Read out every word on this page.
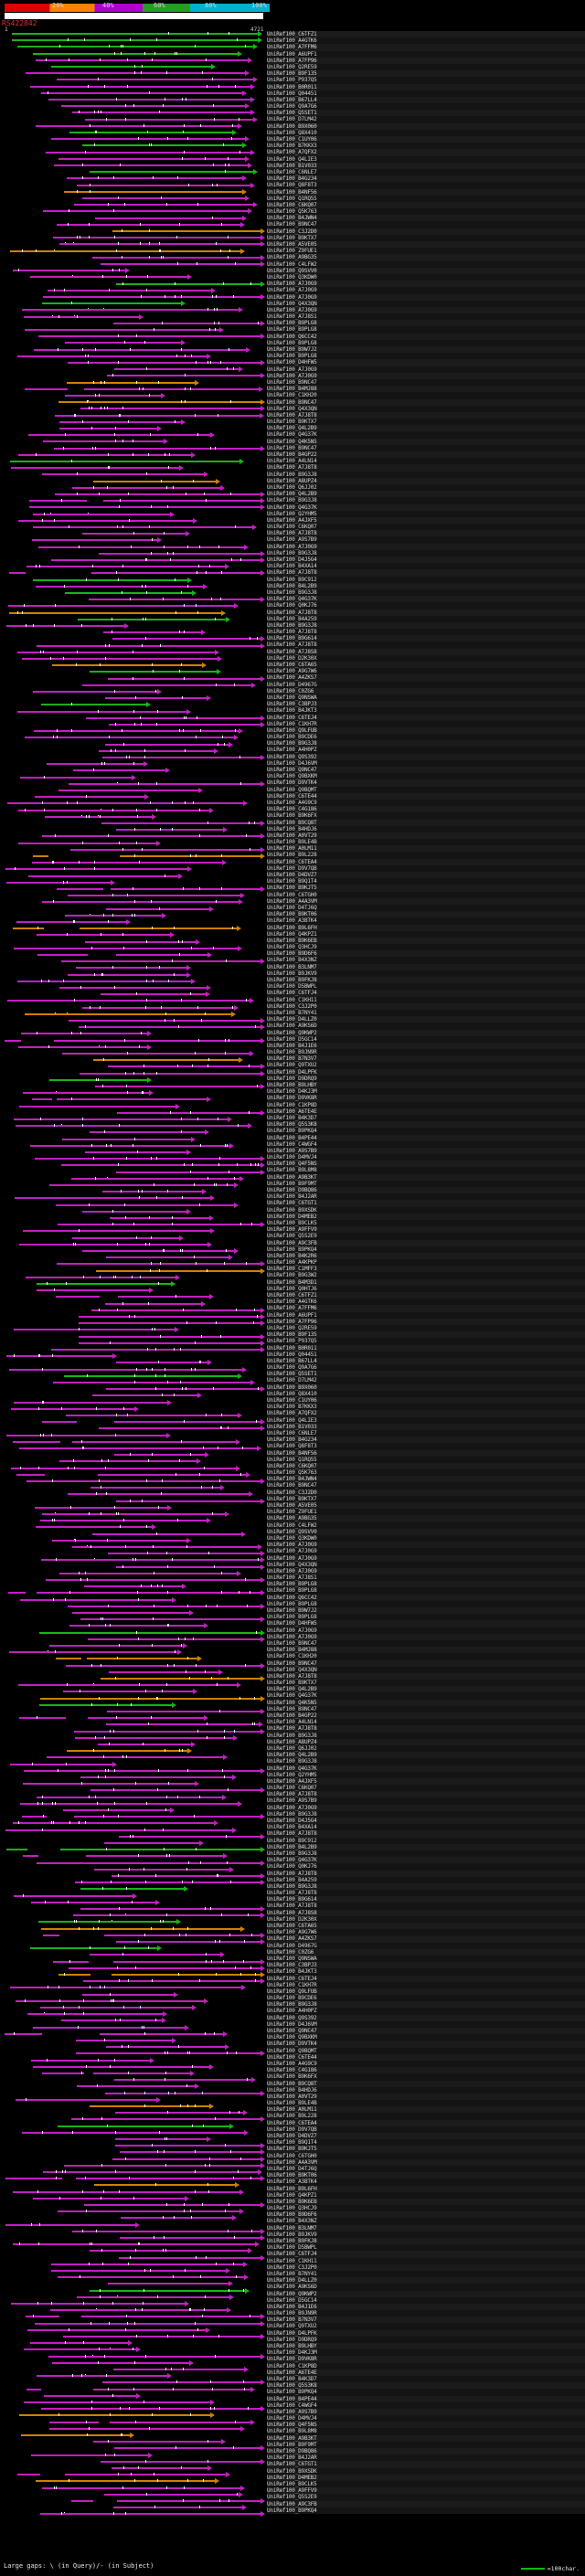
20%	40%	60%	80%	100%
RS422842
1	4721
UniRef100_C6TFZ1
UniRef100_A4GTK6
UniRef100_A7FFM6
UniRef100_A6UPF1
UniRef100_A7FP96
UniRef100_Q2RE59
UniRef100_B9F135
UniRef100_P937Q5
UniRef100_B0R011
UniRef100_Q04451
UniRef100_B67LL4
UniRef100_Q9A7G6
UniRef100_Q5SET1
UniRef100_D7LM42
UniRef100_B9X060
UniRef100_Q8X410
UniRef100_C1UY06
UniRef100_B7KKX3
UniRef100_A7QFX2
UniRef100_Q4LIE3
UniRef100_B1V033
UniRef100_C6NLE7
UniRef100_B4G234
UniRef100_Q8F8T3
UniRef100_B4NF56
UniRef100_Q1RQ55
UniRef100_C6KQ07
UniRef100_Q5K763
UniRef100_B4JWN4
UniRef100_B9NC47
UniRef100_C3J2D0
UniRef100_B9KTX7
UniRef100_A5VE05
UniRef100_Z9FUE1
UniRef100_A9BG35
UniRef100_C4LFW2
UniRef100_Q9SVV0
UniRef100_Q3KDW0
UniRef100_A7J0G9
UniRef100_A7J0G9
UniRef100_A7J0G9
UniRef100_Q4X3QN
UniRef100_A7J0G9
UniRef100_A7J8S1
UniRef100_B9PLG8
UniRef100_B9PLG8
UniRef100_Q6CC42
UniRef100_B9PLG8
UniRef100_B9W7J2
UniRef100_B9PLG8
UniRef100_D4HFW5
UniRef100_A7J0G9
UniRef100_A7J0G9
UniRef100_B9NC47
UniRef100_B4MJ88
UniRef100_C1KH20
UniRef100_B9NC47
UniRef100_Q4X3QN
UniRef100_A7J8T8
UniRef100_B9KTX7
UniRef100_Q4L2B9
UniRef100_Q4G37K
UniRef100_Q4K5N5
UniRef100_B9NC47
UniRef100_B4GP22
UniRef100_A4LN14
UniRef100_A7J8T8
UniRef100_B9G3J8
UniRef100_A8UPZ4
UniRef100_Q6JJ02
UniRef100_Q4L2B9
UniRef100_B9G3J8
UniRef100_Q4G37K
UniRef100_Q2YHM5
UniRef100_A4JXF5
UniRef100_C6KQ07
UniRef100_A7J8T8
UniRef100_A9S7B9
UniRef100_A7J0G9
UniRef100_B9G3J8
UniRef100_D4J5G4
UniRef100_B4XA14
UniRef100_A7J8T8
UniRef100_B9C912
UniRef100_B4L2B9
UniRef100_B9G3J8
UniRef100_Q4G37K
UniRef100_Q0KJ76
UniRef100_A7J8T8
UniRef100_B4A259
UniRef100_B9G3J8
UniRef100_A7J8T8
UniRef100_B9G614
UniRef100_A7J8T8
UniRef100_A7J8S8
UniRef100_D2K30X
UniRef100_C6TA65
UniRef100_A9G7W6
UniRef100_A4ZKS7
UniRef100_D4967G
UniRef100_C0ZG6
UniRef100_Q9NSWA
UniRef100_C3BPJ3
UniRef100_B4JKT3
UniRef100_C6TEJ4
UniRef100_C1KH7R
UniRef100_Q9LFUB
UniRef100_B9CDE6
UniRef100_B9G3J8
UniRef100_A4H0PZ
UniRef100_Q9S392
UniRef100_D4J6VM
UniRef100_Q9NC47
UniRef100_Q9BXKM
UniRef100_D9VTK4
UniRef100_Q9BQMT
UniRef100_C6TE44
UniRef100_A4G9C9
UniRef100_C4G186
UniRef100_B9K6FX
UniRef100_B9CQ8T
UniRef100_B4HDJ6
UniRef100_A0VT29
UniRef100_B9LE4B
UniRef100_A0LM11
UniRef100_B9L228
UniRef100_C6TEA4
UniRef100_D9V7QB
UniRef100_D4DVZ7
UniRef100_B9Q1T4
UniRef100_B9KJT5
UniRef100_C6TGH0
UniRef100_A4A3VM
UniRef100_D4TJ6Q
UniRef100_B9KT06
UniRef100_A3BTK4
UniRef100_B9L6FH
UniRef100_Q4KPZ1
UniRef100_B9K6EB
UniRef100_Q3HCJ9
UniRef100_B9D6F6
UniRef100_B4X3NZ
UniRef100_B3LNM7
UniRef100_B9JKV9
UniRef100_B9FKJ8
UniRef100_D5BWPL
UniRef100_C6TFJ4
UniRef100_C1KH11
UniRef100_C3J2P0
UniRef100_B7NY41
UniRef100_D4LLZ0
UniRef100_A9KS6D
UniRef100_Q9KWP2
UniRef100_D5GC14
UniRef100_B4J1E6
UniRef100_B9JN9R
UniRef100_B7N3V7
UniRef100_Q9TXU2
UniRef100_D4LPFK
UniRef100_D9DRQ9
UniRef100_B9LHBY
UniRef100_D4KJ3M
UniRef100_D9VK8R
UniRef100_C1KP8D
UniRef100_A6TE4E
UniRef100_B4K3D7
UniRef100_Q5S3K8
UniRef100_B9PKQ4
UniRef100_B4PE44
UniRef100_C4WGF4
UniRef100_A9S7B9
UniRef100_D4MVJ4
UniRef100_Q4F5NS
UniRef100_B9L8M8
UniRef100_A9B3KT
UniRef100_B9F9MT
UniRef100_D9BQ86
UniRef100_B4J2AR
UniRef100_C6TGT1
UniRef100_B9XSDK
UniRef100_D4MEB2
UniRef100_B9CLK5
UniRef100_A9FFV9
UniRef100_Q5S2E9
UniRef100_A9C3FB
UniRef100_B9PKQ4
UniRef100_B4K2R6
UniRef100_A4KPKP
UniRef100_C1MFF3
UniRef100_B9G3W2
UniRef100_B4M3D1
UniRef100_Q0HTJ6
UniRef100_C6TFZ1
UniRef100_A4GTK6
UniRef100_A7FFM6
UniRef100_A6UPF1
UniRef100_A7FP96
UniRef100_Q2RE59
UniRef100_B9F135
UniRef100_P937Q5
UniRef100_B0R011
UniRef100_Q04451
UniRef100_B67LL4
UniRef100_Q9A7G6
UniRef100_Q5SET1
UniRef100_D7LM42
UniRef100_B9X060
UniRef100_Q8X410
UniRef100_C1UY06
UniRef100_B7KKX3
UniRef100_A7QFX2
UniRef100_Q4LIE3
UniRef100_B1V033
UniRef100_C6NLE7
UniRef100_B4G234
UniRef100_Q8F8T3
UniRef100_B4NF56
UniRef100_Q1RQ55
UniRef100_C6KQ07
UniRef100_Q5K763
UniRef100_B4JWN4
UniRef100_B9NC47
UniRef100_C3J2D0
UniRef100_B9KTX7
UniRef100_A5VE05
UniRef100_Z9FUE1
UniRef100_A9BG35
UniRef100_C4LFW2
UniRef100_Q9SVV0
UniRef100_Q3KDW0
UniRef100_A7J0G9
UniRef100_A7J0G9
UniRef100_A7J0G9
UniRef100_Q4X3QN
UniRef100_A7J0G9
UniRef100_A7J8S1
UniRef100_B9PLG8
UniRef100_B9PLG8
UniRef100_Q6CC42
UniRef100_B9PLG8
UniRef100_B9W7J2
UniRef100_B9PLG8
UniRef100_D4HFW5
UniRef100_A7J0G9
UniRef100_A7J0G9
UniRef100_B9NC47
UniRef100_B4MJ88
UniRef100_C1KH20
UniRef100_B9NC47
UniRef100_Q4X3QN
UniRef100_A7J8T8
UniRef100_B9KTX7
UniRef100_Q4L2B9
UniRef100_Q4G37K
UniRef100_Q4K5N5
UniRef100_B9NC47
UniRef100_B4GP22
UniRef100_A4LN14
UniRef100_A7J8T8
UniRef100_B9G3J8
UniRef100_A8UPZ4
UniRef100_Q6JJ02
UniRef100_Q4L2B9
UniRef100_B9G3J8
UniRef100_Q4G37K
UniRef100_Q2YHM5
UniRef100_A4JXF5
UniRef100_C6KQ07
UniRef100_A7J8T8
UniRef100_A9S7B9
UniRef100_A7J0G9
UniRef100_B9G3J8
UniRef100_D4J5G4
UniRef100_B4XA14
UniRef100_A7J8T8
UniRef100_B9C912
UniRef100_B4L2B9
UniRef100_B9G3J8
UniRef100_Q4G37K
UniRef100_Q0KJ76
UniRef100_A7J8T8
UniRef100_B4A259
UniRef100_B9G3J8
UniRef100_A7J8T8
UniRef100_B9G614
UniRef100_A7J8T8
UniRef100_A7J8S8
UniRef100_D2K30X
UniRef100_C6TA65
UniRef100_A9G7W6
UniRef100_A4ZKS7
UniRef100_D4967G
UniRef100_C0ZG6
UniRef100_Q9NSWA
UniRef100_C3BPJ3
UniRef100_B4JKT3
UniRef100_C6TEJ4
UniRef100_C1KH7R
UniRef100_Q9LFUB
UniRef100_B9CDE6
UniRef100_B9G3J8
UniRef100_A4H0PZ
UniRef100_Q9S392
UniRef100_D4J6VM
UniRef100_Q9NC47
UniRef100_Q9BXKM
UniRef100_D9VTK4
UniRef100_Q9BQMT
UniRef100_C6TE44
UniRef100_A4G9C9
UniRef100_C4G186
UniRef100_B9K6FX
UniRef100_B9CQ8T
UniRef100_B4HDJ6
UniRef100_A0VT29
UniRef100_B9LE4B
UniRef100_A0LM11
UniRef100_B9L228
UniRef100_C6TEA4
UniRef100_D9V7QB
UniRef100_D4DVZ7
UniRef100_B9Q1T4
UniRef100_B9KJT5
UniRef100_C6TGH0
UniRef100_A4A3VM
UniRef100_D4TJ6Q
UniRef100_B9KT06
UniRef100_A3BTK4
UniRef100_B9L6FH
UniRef100_Q4KPZ1
UniRef100_B9K6EB
UniRef100_Q3HCJ9
UniRef100_B9D6F6
UniRef100_B4X3NZ
UniRef100_B3LNM7
UniRef100_B9JKV9
UniRef100_B9FKJ8
UniRef100_D5BWPL
UniRef100_C6TFJ4
UniRef100_C1KH11
UniRef100_C3J2P0
UniRef100_B7NY41
UniRef100_D4LLZ0
UniRef100_A9KS6D
UniRef100_Q9KWP2
UniRef100_D5GC14
UniRef100_B4J1E6
UniRef100_B9JN9R
UniRef100_B7N3V7
UniRef100_Q9TXU2
UniRef100_D4LPFK
UniRef100_D9DRQ9
UniRef100_B9LHBY
UniRef100_D4KJ3M
UniRef100_D9VK8R
UniRef100_C1KP8D
UniRef100_A6TE4E
UniRef100_B4K3D7
UniRef100_Q5S3K8
UniRef100_B9PKQ4
UniRef100_B4PE44
UniRef100_C4WGF4
UniRef100_A9S7B9
UniRef100_D4MVJ4
UniRef100_Q4F5NS
UniRef100_B9L8M8
UniRef100_A9B3KT
UniRef100_B9F9MT
UniRef100_D9BQ86
UniRef100_B4J2AR
UniRef100_C6TGT1
UniRef100_B9XSDK
UniRef100_D4MEB2
UniRef100_B9CLK5
UniRef100_A9FFV9
UniRef100_Q5S2E9
UniRef100_A9C3FB
UniRef100_B9PKQ4
Large gaps: \ (in Query)/- (in Subject)	=100char.
